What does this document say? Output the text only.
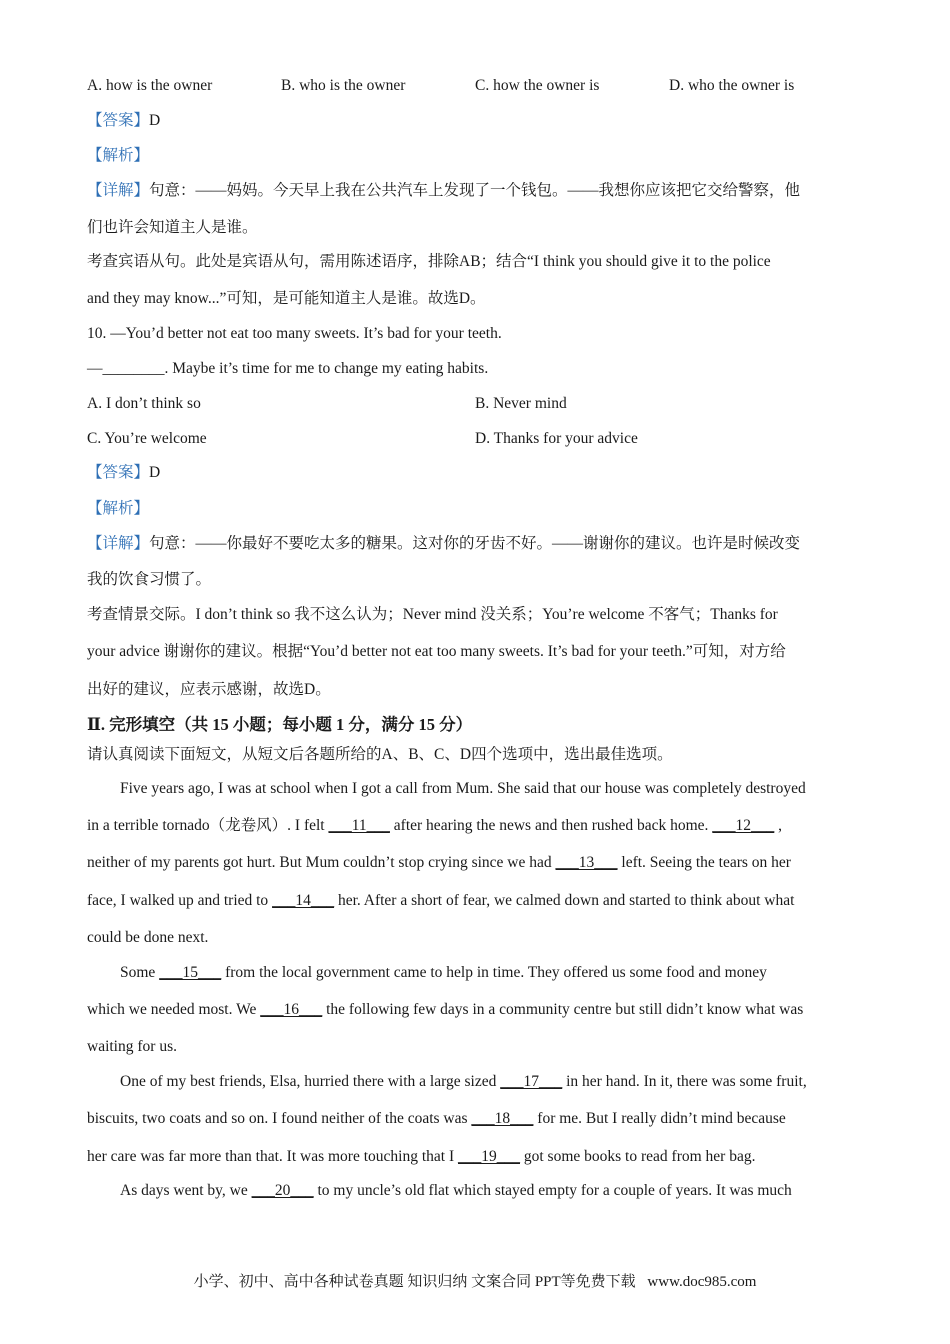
A. how is the owner	B. who is the owner	C. how the owner is	D. who the owner is
【答案】D
【解析】
【详解】句意：——妈妈。今天早上我在公共汽车上发现了一个钱包。——我想你应该把它交给警察，他
们也许会知道主人是谁。
考查宾语从句。此处是宾语从句，需用陈述语序，排除AB；结合“I think you should give it to the police
and they may know...”可知，是可能知道主人是谁。故选D。
10. —You’d better not eat too many sweets. It’s bad for your teeth.
—________. Maybe it’s time for me to change my eating habits.
A. I don’t think so	B. Never mind
C. You’re welcome	D. Thanks for your advice
【答案】D
【解析】
【详解】句意：——你最好不要吃太多的糖果。这对你的牙齿不好。——谢谢你的建议。也许是时候改变
我的饮食习惯了。
考查情景交际。I don’t think so 我不这么认为；Never mind 没关系；You’re welcome 不客气；Thanks for
your advice 谢谢你的建议。根据“You’d better not eat too many sweets. It’s bad for your teeth.”可知，对方给
出好的建议，应表示感谢，故选D。
Ⅱ. 完形填空（共 15 小题；每小题 1 分，满分 15 分）
请认真阅读下面短文，从短文后各题所给的A、B、C、D四个选项中，选出最佳选项。
Five years ago, I was at school when I got a call from Mum. She said that our house was completely destroyed
in a terrible tornado（龙卷风）. I felt ___11___ after hearing the news and then rushed back home. ___12___ ,
neither of my parents got hurt. But Mum couldn’t stop crying since we had ___13___ left. Seeing the tears on her
face, I walked up and tried to ___14___ her. After a short of fear, we calmed down and started to think about what
could be done next.
Some ___15___ from the local government came to help in time. They offered us some food and money
which we needed most. We ___16___ the following few days in a community centre but still didn’t know what was
waiting for us.
One of my best friends, Elsa, hurried there with a large sized ___17___ in her hand. In it, there was some fruit,
biscuits, two coats and so on. I found neither of the coats was ___18___ for me. But I really didn’t mind because
her care was far more than that. It was more touching that I ___19___ got some books to read from her bag.
As days went by, we ___20___ to my uncle’s old flat which stayed empty for a couple of years. It was much
小学、初中、高中各种试卷真题 知识归纳 文案合同 PPT等免费下载 www.doc985.com
